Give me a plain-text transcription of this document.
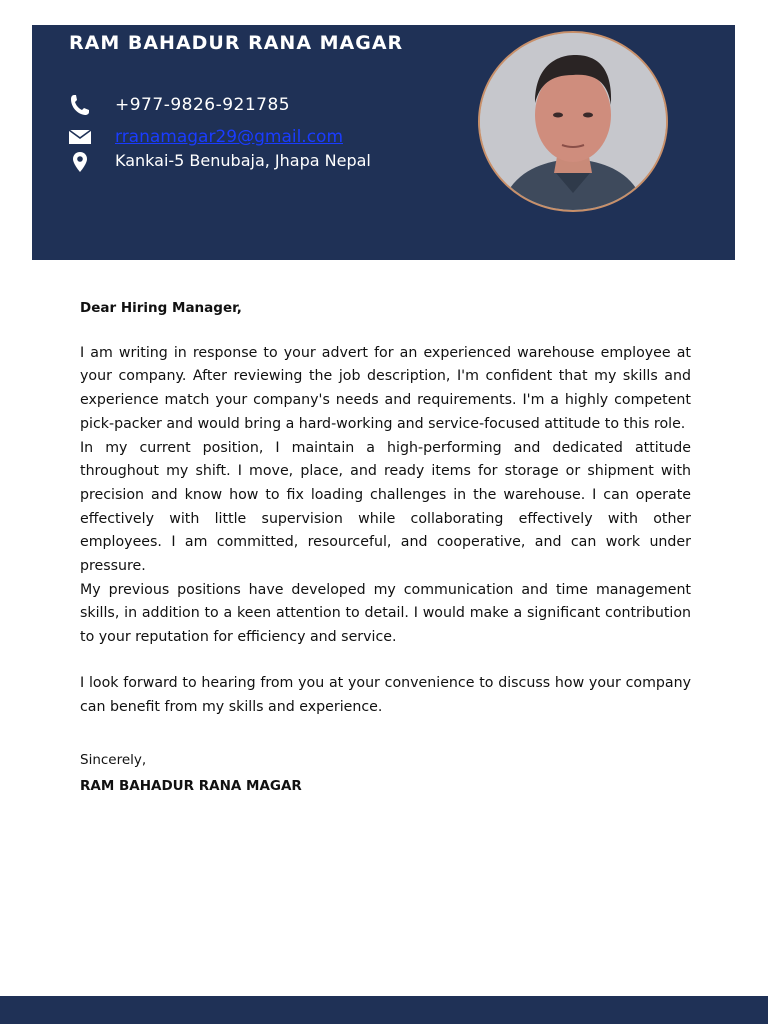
RAM BAHADUR RANA MAGAR
+977-9826-921785
rranamagar29@gmail.com
Kankai-5 Benubaja, Jhapa Nepal

Dear Hiring Manager,

I am writing in response to your advert for an experienced warehouse employee at your company. After reviewing the job description, I'm confident that my skills and experience match your company's needs and requirements. I'm a highly competent pick-packer and would bring a hard-working and service-focused attitude to this role.

In my current position, I maintain a high-performing and dedicated attitude throughout my shift. I move, place, and ready items for storage or shipment with precision and know how to fix loading challenges in the warehouse. I can operate effectively with little supervision while collaborating effectively with other employees. I am committed, resourceful, and cooperative, and can work under pressure.

My previous positions have developed my communication and time management skills, in addition to a keen attention to detail. I would make a significant contribution to your reputation for efficiency and service.

I look forward to hearing from you at your convenience to discuss how your company can benefit from my skills and experience.

Sincerely,

RAM BAHADUR RANA MAGAR
